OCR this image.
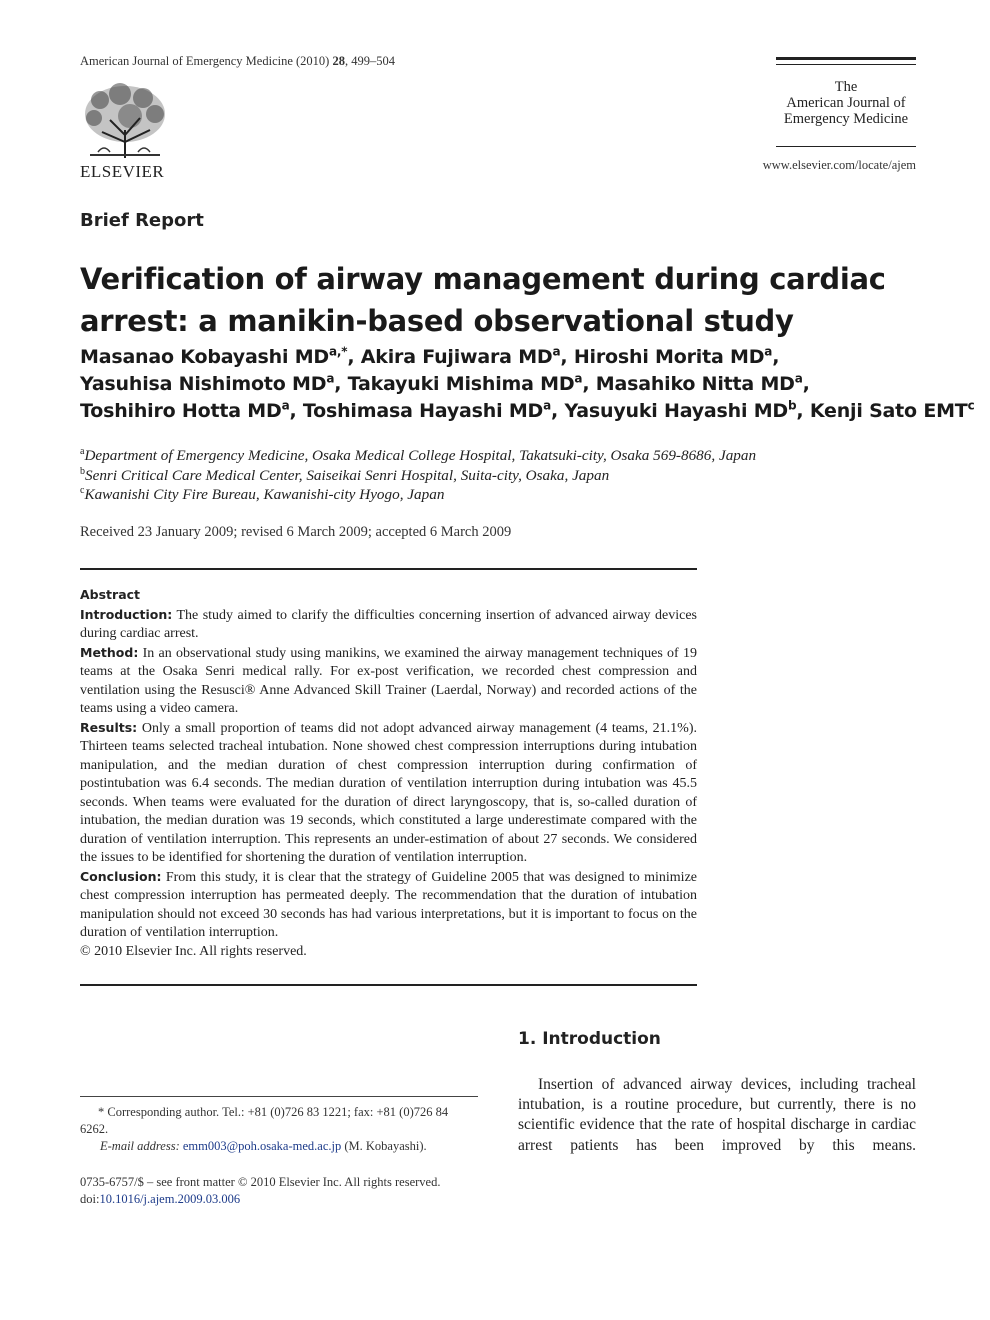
American Journal of Emergency Medicine (2010) 28, 499–504
ELSEVIER
The
American Journal of
Emergency Medicine
www.elsevier.com/locate/ajem
Brief Report
Verification of airway management during cardiac arrest: a manikin-based observational study
Masanao Kobayashi $MD^{a,*}$, Akira Fujiwara $MD^a$, Hiroshi Morita $MD^a$,
Yasuhisa Nishimoto $MD^a$, Takayuki Mishima $MD^a$, Masahiko Nitta $MD^a$,
Toshihiro Hotta $MD^a$, Toshimasa Hayashi $MD^a$, Yasuyuki Hayashi $MD^b$, Kenji Sato EMT$^c$
$^a$Department of Emergency Medicine, Osaka Medical College Hospital, Takatsuki-city, Osaka 569-8686, Japan
$^b$Senri Critical Care Medical Center, Saiseikai Senri Hospital, Suita-city, Osaka, Japan
$^c$Kawanishi City Fire Bureau, Kawanishi-city Hyogo, Japan
Received 23 January 2009; revised 6 March 2009; accepted 6 March 2009

Abstract

Introduction: The study aimed to clarify the difficulties concerning insertion of advanced airway devices during cardiac arrest.

Method: In an observational study using manikins, we examined the airway management techniques of 19 teams at the Osaka Senri medical rally. For ex-post verification, we recorded chest compression and ventilation using the Resusci® Anne Advanced Skill Trainer (Laerdal, Norway) and recorded actions of the teams using a video camera.

Results: Only a small proportion of teams did not adopt advanced airway management (4 teams, 21.1%). Thirteen teams selected tracheal intubation. None showed chest compression interruptions during intubation manipulation, and the median duration of chest compression interruption during confirmation of postintubation was 6.4 seconds. The median duration of ventilation interruption during intubation was 45.5 seconds. When teams were evaluated for the duration of direct laryngoscopy, that is, so-called duration of intubation, the median duration was 19 seconds, which constituted a large underestimate compared with the duration of ventilation interruption. This represents an under-estimation of about 27 seconds. We considered the issues to be identified for shortening the duration of ventilation interruption.

Conclusion: From this study, it is clear that the strategy of Guideline 2005 that was designed to minimize chest compression interruption has permeated deeply. The recommendation that the duration of intubation manipulation should not exceed 30 seconds has had various interpretations, but it is important to focus on the duration of ventilation interruption.

© 2010 Elsevier Inc. All rights reserved.

1. Introduction

Insertion of advanced airway devices, including tracheal intubation, is a routine procedure, but currently, there is no scientific evidence that the rate of hospital discharge in cardiac arrest patients has been improved by this means.

* Corresponding author. Tel.: +81 (0)726 83 1221; fax: +81 (0)726 84 6262.

E-mail address: emm003@poh.osaka-med.ac.jp (M. Kobayashi).

0735-6757/$ – see front matter © 2010 Elsevier Inc. All rights reserved.
doi:10.1016/j.ajem.2009.03.006
